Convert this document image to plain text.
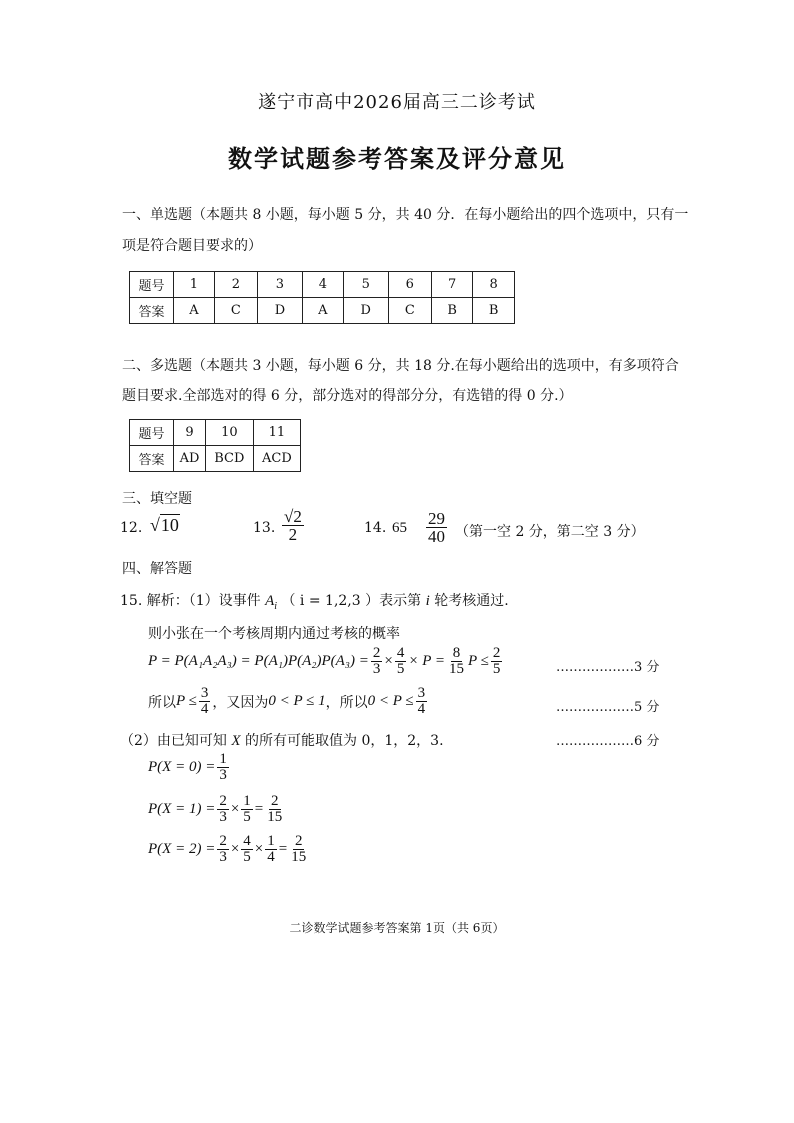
遂宁市高中2026届高三二诊考试
数学试题参考答案及评分意见
一、单选题（本题共 8 小题，每小题 5 分，共 40 分．在每小题给出的四个选项中，只有一
项是符合题目要求的）
题号	1	2	3	4	5	6	7	8
答案	A	C	D	A	D	C	B	B
二、多选题（本题共 3 小题，每小题 6 分，共 18 分.在每小题给出的选项中，有多项符合
题目要求.全部选对的得 6 分，部分选对的得部分分，有选错的得 0 分.）
题号	9	10	11
答案	AD	BCD	ACD
三、填空题
12. √10	13. $\frac{√2}{2}$	14. $65 \frac{29}{40}$ （第一空 2 分，第二空 3 分）
四、解答题
15. 解析：（1）设事件 $A_i$ （ i = 1,2,3 ）表示第 i 轮考核通过.
则小张在一个考核周期内通过考核的概率
$P = P(A_1A_2A_3) = P(A_1)P(A_2)P(A_3) = \frac{2}{3} \times \frac{4}{5} \times P = \frac{8}{15}$ $P \le \frac{2}{5}$	………………3 分
所以 $P \le \frac{3}{4}$ ，又因为 0 < P ≤ 1 ，所以 $0 < P \le \frac{3}{4}$	………………5 分
（2）由已知可知 X 的所有可能取值为 0，1，2，3.	………………6 分
$P(X = 0) = \frac{1}{3}$
$P(X = 1) = \frac{2}{3} \times \frac{1}{5} = \frac{2}{15}$
$P(X = 2) = \frac{2}{3} \times \frac{4}{5} \times \frac{1}{4} = \frac{2}{15}$
二诊数学试题参考答案第 1页（共 6页）
